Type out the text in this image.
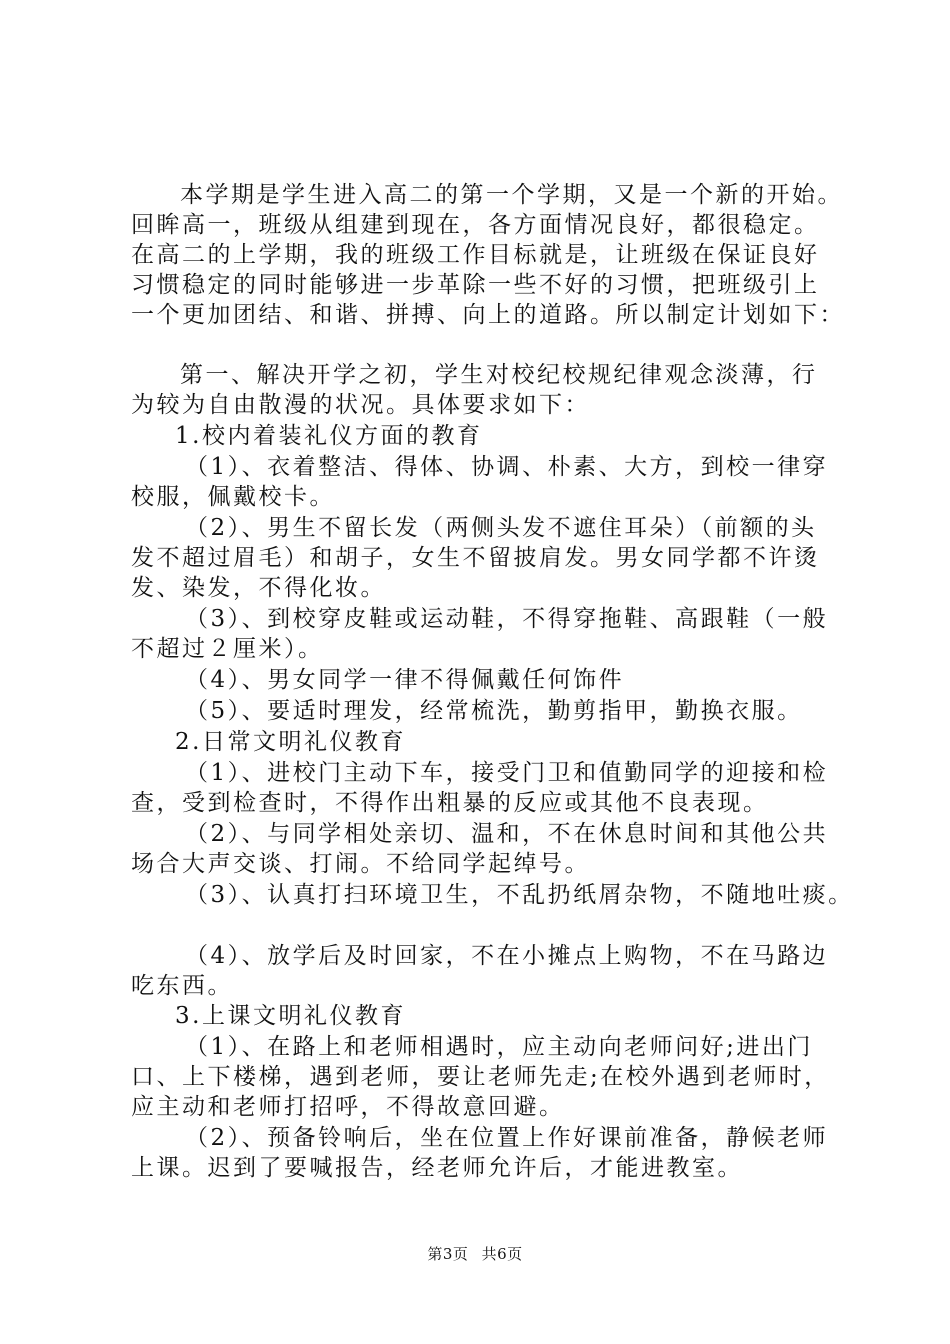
本学期是学生进入高二的第一个学期，又是一个新的开始。
回眸高一，班级从组建到现在，各方面情况良好，都很稳定。
在高二的上学期，我的班级工作目标就是，让班级在保证良好
习惯稳定的同时能够进一步革除一些不好的习惯，把班级引上
一个更加团结、和谐、拼搏、向上的道路。所以制定计划如下：
第一、解决开学之初，学生对校纪校规纪律观念淡薄，行
为较为自由散漫的状况。具体要求如下：
1.校内着装礼仪方面的教育
（1）、衣着整洁、得体、协调、朴素、大方，到校一律穿
校服，佩戴校卡。
（2）、男生不留长发（两侧头发不遮住耳朵）（前额的头
发不超过眉毛）和胡子，女生不留披肩发。男女同学都不许烫
发、染发，不得化妆。
（3）、到校穿皮鞋或运动鞋，不得穿拖鞋、高跟鞋（一般
不超过２厘米）。
（4）、男女同学一律不得佩戴任何饰件
（5）、要适时理发，经常梳洗，勤剪指甲，勤换衣服。
2.日常文明礼仪教育
（1）、进校门主动下车，接受门卫和值勤同学的迎接和检
查，受到检查时，不得作出粗暴的反应或其他不良表现。
（2）、与同学相处亲切、温和，不在休息时间和其他公共
场合大声交谈、打闹。不给同学起绰号。
（3）、认真打扫环境卫生，不乱扔纸屑杂物，不随地吐痰。
（4）、放学后及时回家，不在小摊点上购物，不在马路边
吃东西。
3.上课文明礼仪教育
（1）、在路上和老师相遇时，应主动向老师问好;进出门
口、上下楼梯，遇到老师，要让老师先走;在校外遇到老师时，
应主动和老师打招呼，不得故意回避。
（2）、预备铃响后，坐在位置上作好课前准备，静候老师
上课。迟到了要喊报告，经老师允许后，才能进教室。
第3页 共6页
